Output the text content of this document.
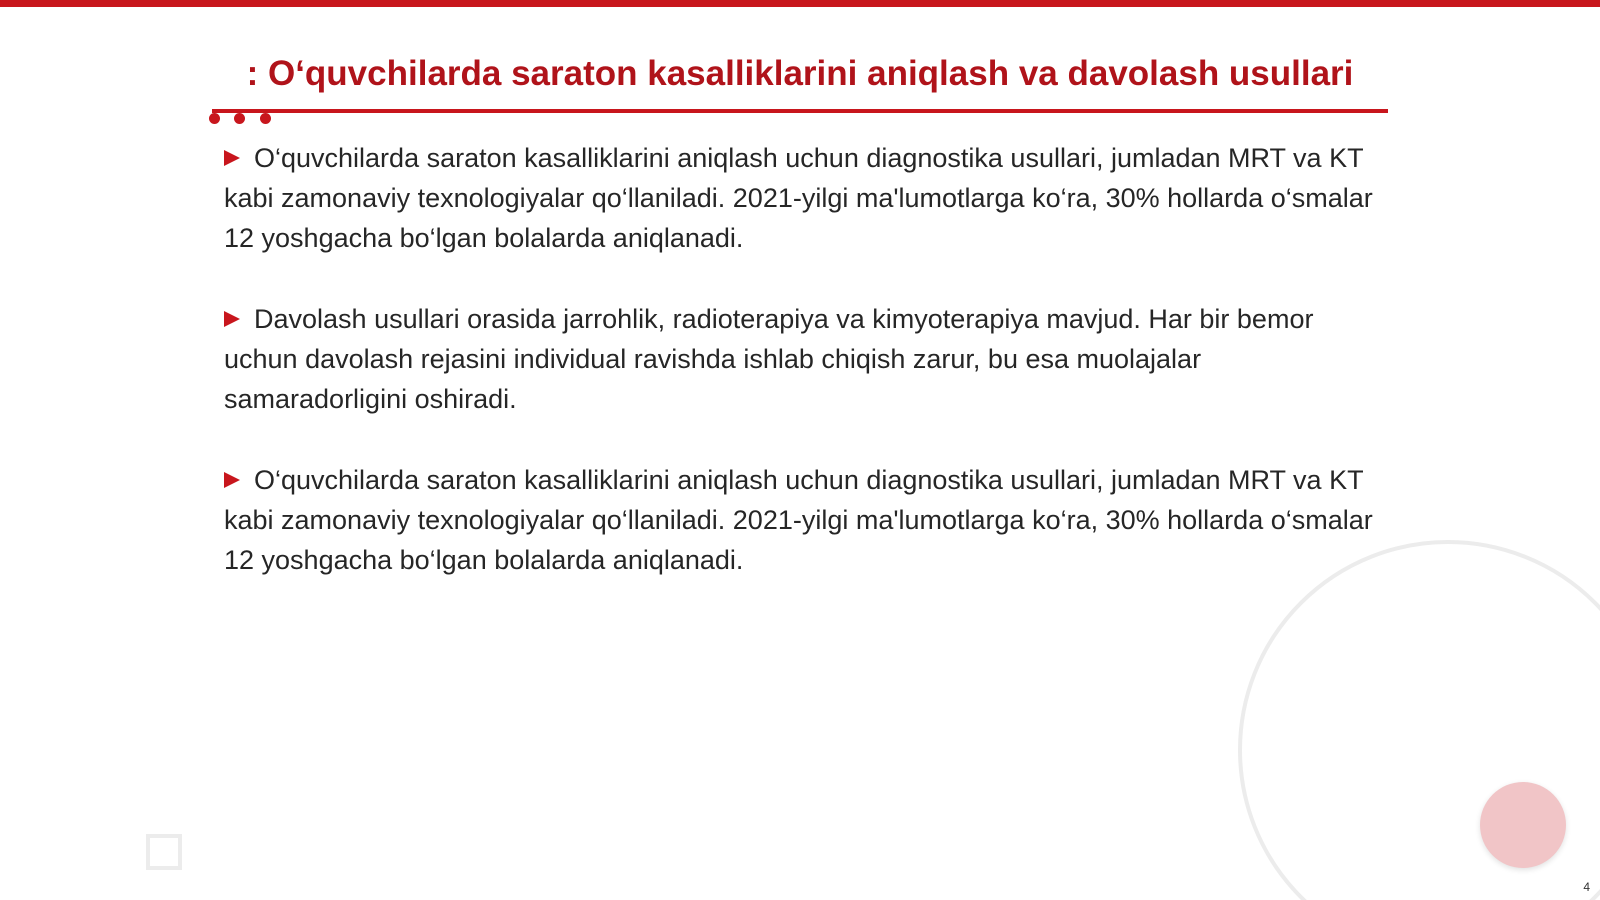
: O‘quvchilarda saraton kasalliklarini aniqlash va davolash usullari

O‘quvchilarda saraton kasalliklarini aniqlash uchun diagnostika usullari, jumladan MRT va KT kabi zamonaviy texnologiyalar qo‘llaniladi. 2021-yilgi ma'lumotlarga ko‘ra, 30% hollarda o‘smalar 12 yoshgacha bo‘lgan bolalarda aniqlanadi.

Davolash usullari orasida jarrohlik, radioterapiya va kimyoterapiya mavjud. Har bir bemor uchun davolash rejasini individual ravishda ishlab chiqish zarur, bu esa muolajalar samaradorligini oshiradi.

O‘quvchilarda saraton kasalliklarini aniqlash uchun diagnostika usullari, jumladan MRT va KT kabi zamonaviy texnologiyalar qo‘llaniladi. 2021-yilgi ma'lumotlarga ko‘ra, 30% hollarda o‘smalar 12 yoshgacha bo‘lgan bolalarda aniqlanadi.

4
